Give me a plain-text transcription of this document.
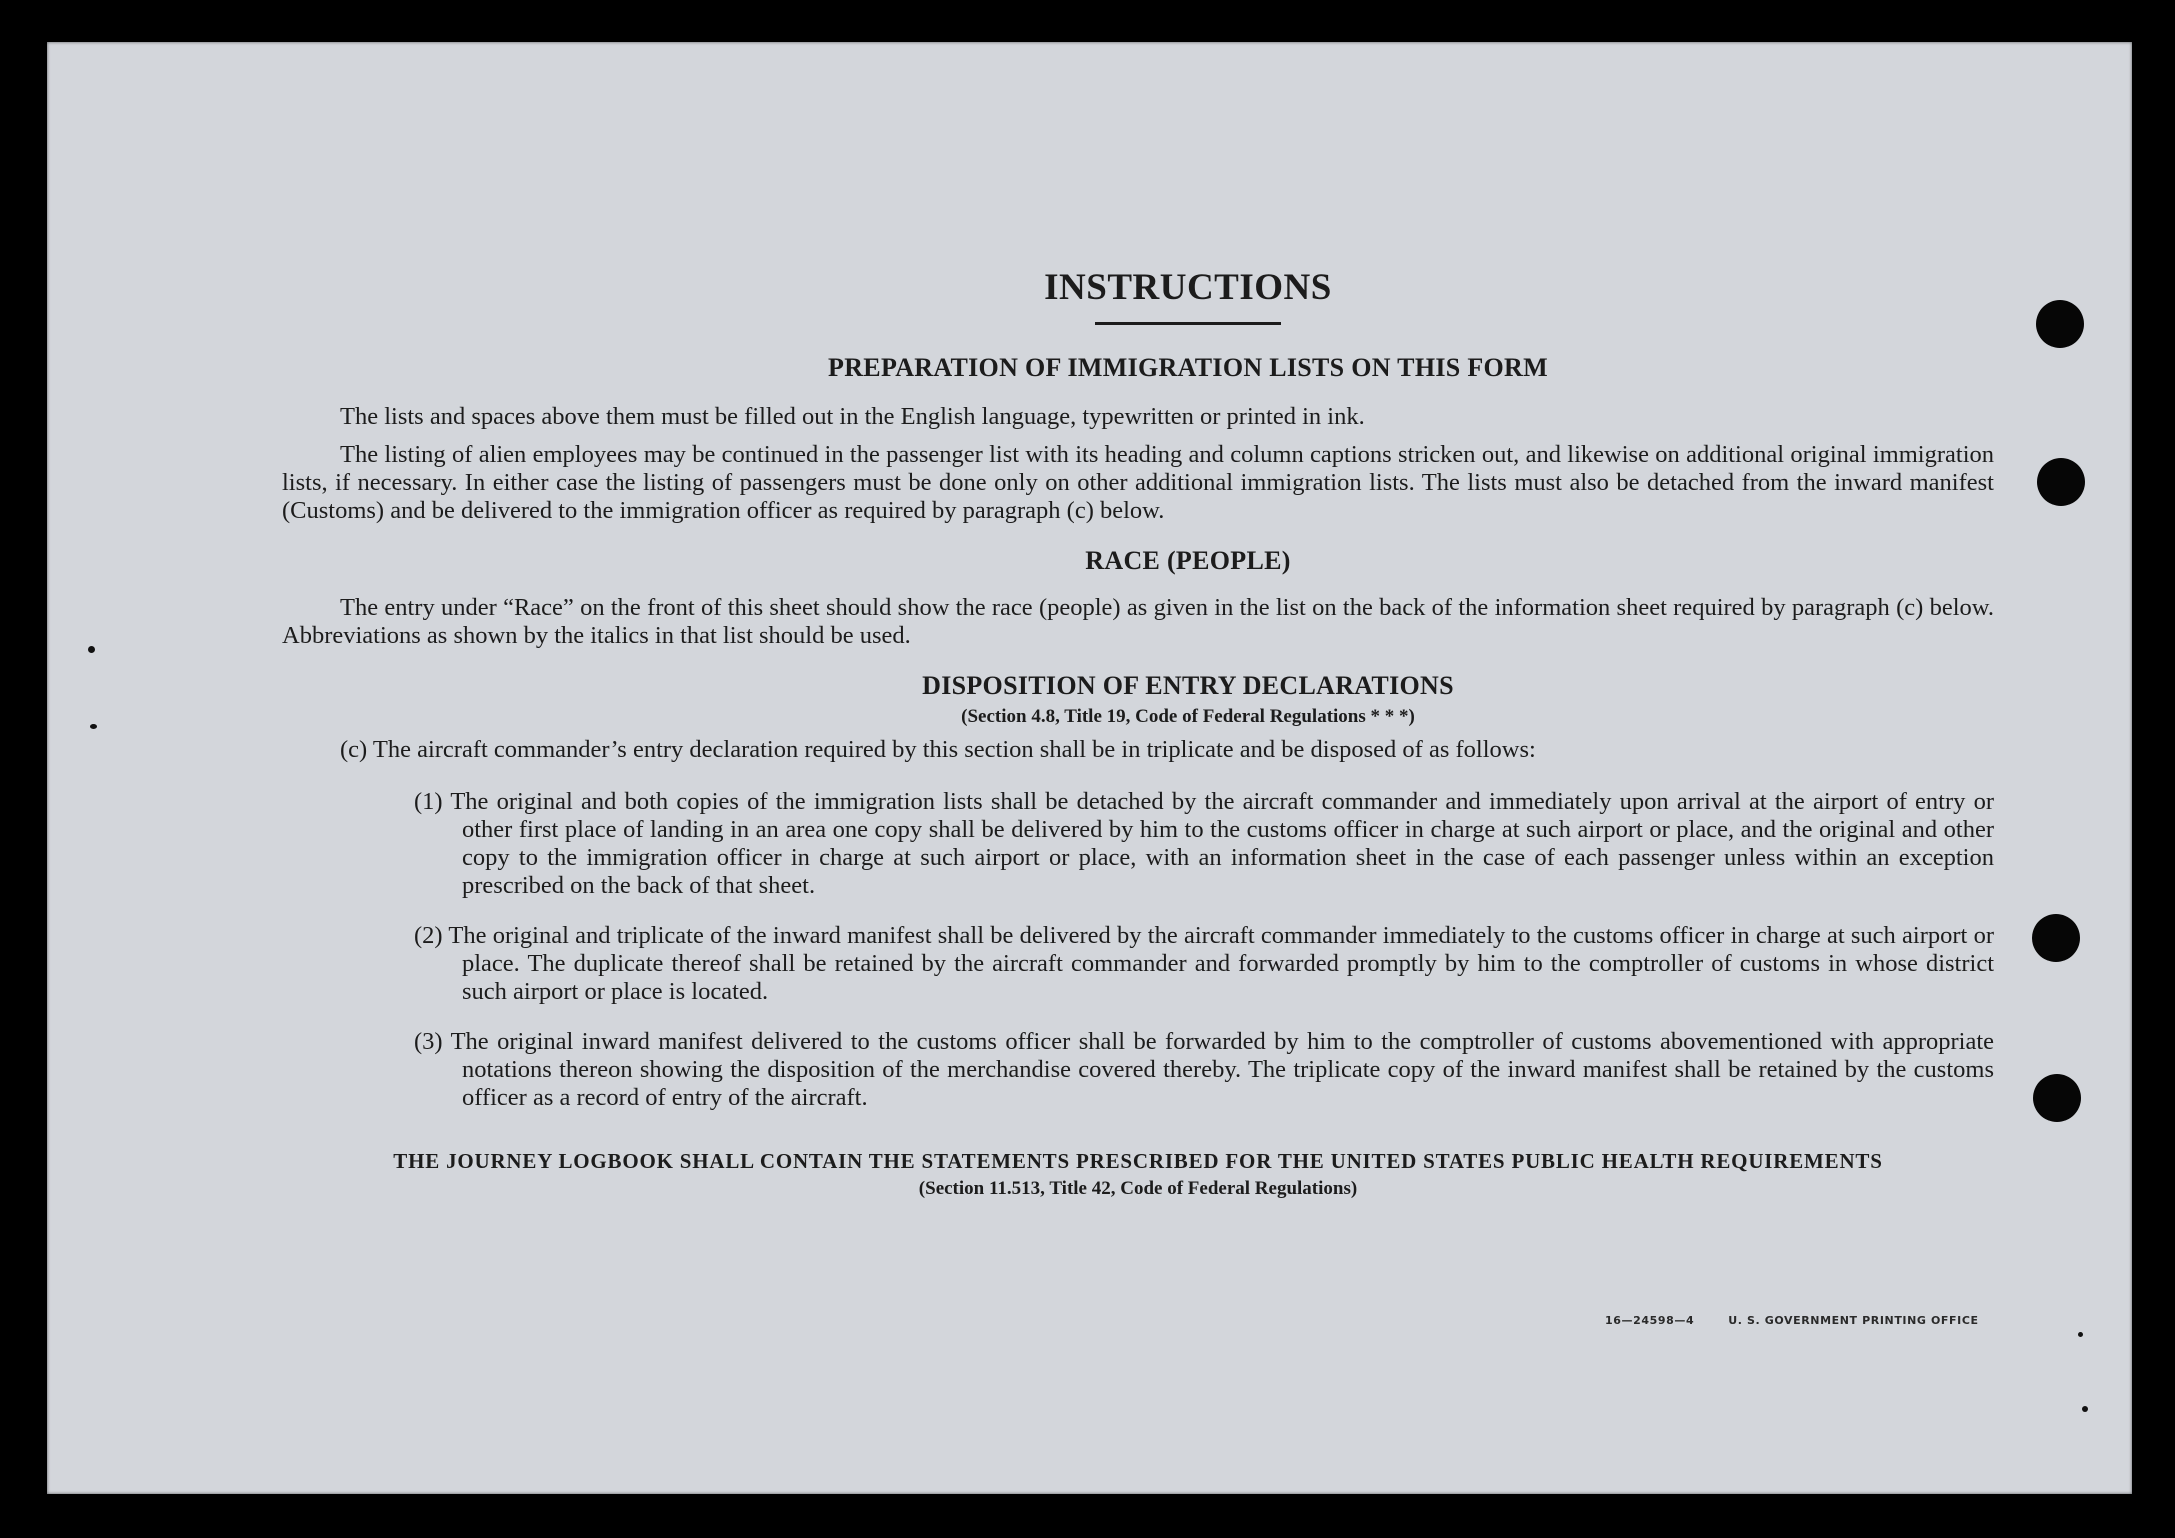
INSTRUCTIONS
PREPARATION OF IMMIGRATION LISTS ON THIS FORM

The lists and spaces above them must be filled out in the English language, typewritten or printed in ink.

The listing of alien employees may be continued in the passenger list with its heading and column captions stricken out, and likewise on additional original immigration lists, if necessary. In either case the listing of passengers must be done only on other additional immigration lists. The lists must also be detached from the inward manifest (Customs) and be delivered to the immigration officer as required by paragraph (c) below.

RACE (PEOPLE)

The entry under “Race” on the front of this sheet should show the race (people) as given in the list on the back of the information sheet required by paragraph (c) below. Abbreviations as shown by the italics in that list should be used.

DISPOSITION OF ENTRY DECLARATIONS

(Section 4.8, Title 19, Code of Federal Regulations * * *)

(c) The aircraft commander’s entry declaration required by this section shall be in triplicate and be disposed of as follows:

(1) The original and both copies of the immigration lists shall be detached by the aircraft commander and immediately upon arrival at the airport of entry or other first place of landing in an area one copy shall be delivered by him to the customs officer in charge at such airport or place, and the original and other copy to the immigration officer in charge at such airport or place, with an information sheet in the case of each passenger unless within an exception prescribed on the back of that sheet.

(2) The original and triplicate of the inward manifest shall be delivered by the aircraft commander immediately to the customs officer in charge at such airport or place. The duplicate thereof shall be retained by the aircraft commander and forwarded promptly by him to the comptroller of customs in whose district such airport or place is located.

(3) The original inward manifest delivered to the customs officer shall be forwarded by him to the comptroller of customs abovementioned with appropriate notations thereon showing the disposition of the merchandise covered thereby. The triplicate copy of the inward manifest shall be retained by the customs officer as a record of entry of the aircraft.

THE JOURNEY LOGBOOK SHALL CONTAIN THE STATEMENTS PRESCRIBED FOR THE UNITED STATES PUBLIC HEALTH REQUIREMENTS

(Section 11.513, Title 42, Code of Federal Regulations)

16—24598—4	U. S. GOVERNMENT PRINTING OFFICE
